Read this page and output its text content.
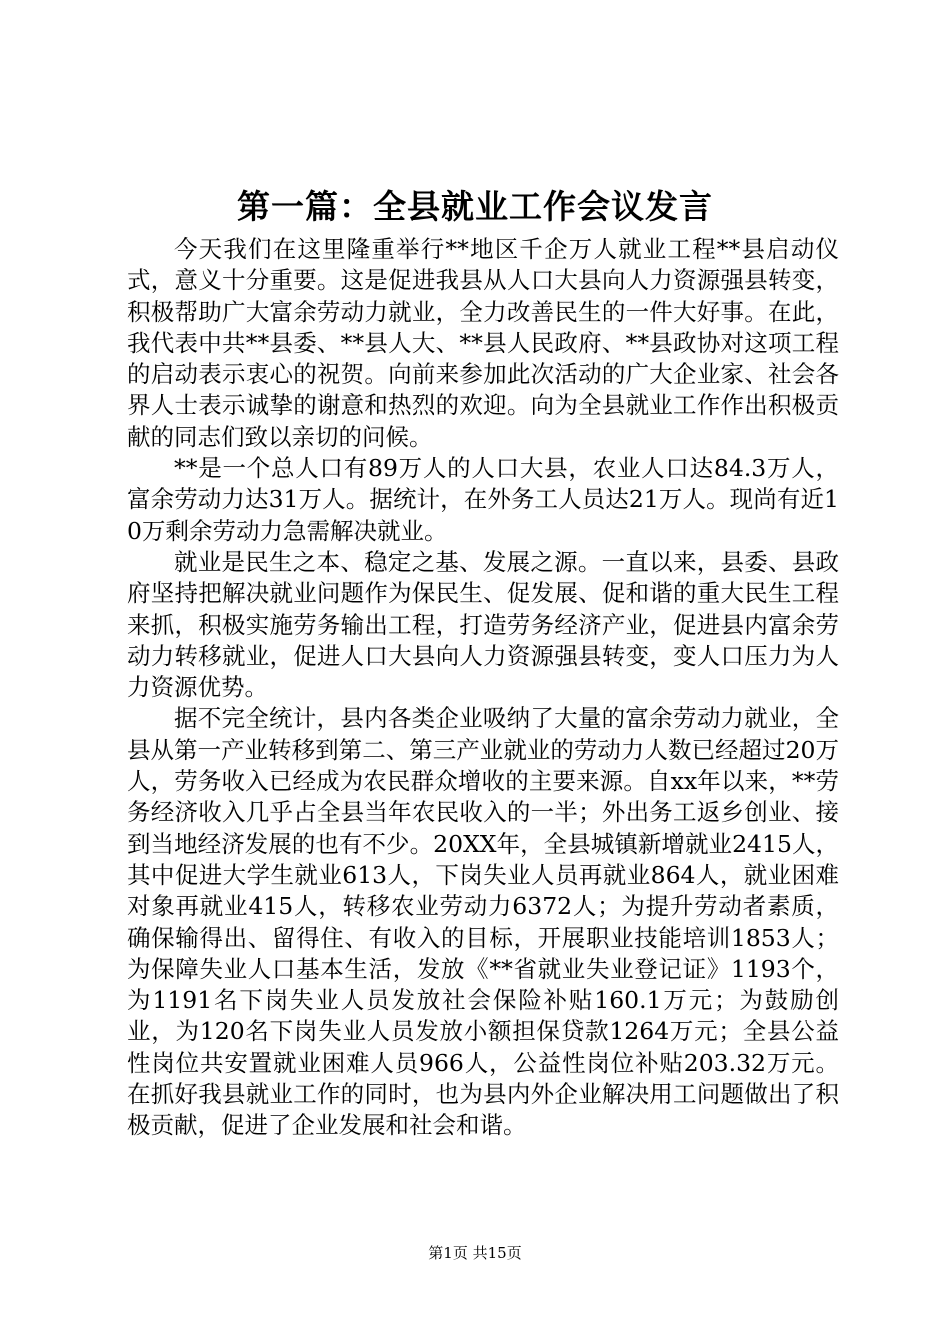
第一篇：全县就业工作会议发言

今天我们在这里隆重举行**地区千企万人就业工程**县启动仪式，意义十分重要。这是促进我县从人口大县向人力资源强县转变，积极帮助广大富余劳动力就业，全力改善民生的一件大好事。在此，我代表中共**县委、**县人大、**县人民政府、**县政协对这项工程的启动表示衷心的祝贺。向前来参加此次活动的广大企业家、社会各界人士表示诚挚的谢意和热烈的欢迎。向为全县就业工作作出积极贡献的同志们致以亲切的问候。

**是一个总人口有89万人的人口大县，农业人口达84.3万人，富余劳动力达31万人。据统计，在外务工人员达21万人。现尚有近10万剩余劳动力急需解决就业。

就业是民生之本、稳定之基、发展之源。一直以来，县委、县政府坚持把解决就业问题作为保民生、促发展、促和谐的重大民生工程来抓，积极实施劳务输出工程，打造劳务经济产业，促进县内富余劳动力转移就业，促进人口大县向人力资源强县转变，变人口压力为人力资源优势。

据不完全统计，县内各类企业吸纳了大量的富余劳动力就业，全县从第一产业转移到第二、第三产业就业的劳动力人数已经超过20万人，劳务收入已经成为农民群众增收的主要来源。自xx年以来，**劳务经济收入几乎占全县当年农民收入的一半；外出务工返乡创业、接到当地经济发展的也有不少。20XX年，全县城镇新增就业2415人，其中促进大学生就业613人，下岗失业人员再就业864人，就业困难对象再就业415人，转移农业劳动力6372人；为提升劳动者素质，确保输得出、留得住、有收入的目标，开展职业技能培训1853人；为保障失业人口基本生活，发放《**省就业失业登记证》1193个，为1191名下岗失业人员发放社会保险补贴160.1万元；为鼓励创业，为120名下岗失业人员发放小额担保贷款1264万元；全县公益性岗位共安置就业困难人员966人，公益性岗位补贴203.32万元。在抓好我县就业工作的同时，也为县内外企业解决用工问题做出了积极贡献，促进了企业发展和社会和谐。

第1页 共15页
